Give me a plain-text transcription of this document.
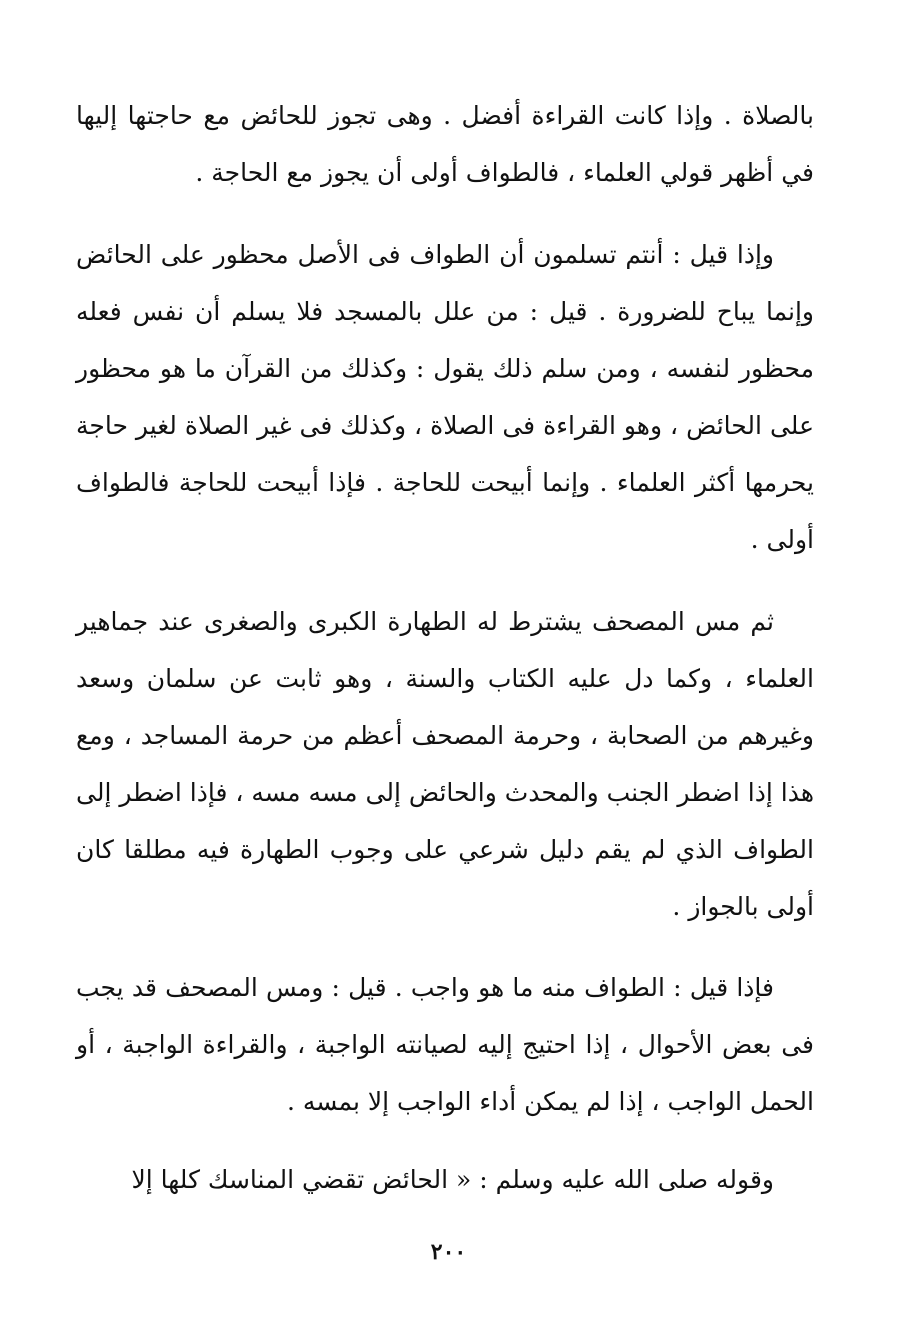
بالصلاة . وإذا كانت القراءة أفضل . وهى تجوز للحائض مع حاجتها إليها في أظهر قولي العلماء ، فالطواف أولى أن يجوز مع الحاجة .

وإذا قيل : أنتم تسلمون أن الطواف فى الأصل محظور على الحائض وإنما يباح للضرورة . قيل : من علل بالمسجد فلا يسلم أن نفس فعله محظور لنفسه ، ومن سلم ذلك يقول : وكذلك من القرآن ما هو محظور على الحائض ، وهو القراءة فى الصلاة ، وكذلك فى غير الصلاة لغير حاجة يحرمها أكثر العلماء . وإنما أبيحت للحاجة . فإذا أبيحت للحاجة فالطواف أولى .

ثم مس المصحف يشترط له الطهارة الكبرى والصغرى عند جماهير العلماء ، وكما دل عليه الكتاب والسنة ، وهو ثابت عن سلمان وسعد وغيرهم من الصحابة ، وحرمة المصحف أعظم من حرمة المساجد ، ومع هذا إذا اضطر الجنب والمحدث والحائض إلى مسه مسه ، فإذا اضطر إلى الطواف الذي لم يقم دليل شرعي على وجوب الطهارة فيه مطلقا كان أولى بالجواز .

فإذا قيل : الطواف منه ما هو واجب . قيل : ومس المصحف قد يجب فى بعض الأحوال ، إذا احتيج إليه لصيانته الواجبة ، والقراءة الواجبة ، أو الحمل الواجب ، إذا لم يمكن أداء الواجب إلا بمسه .

وقوله صلى الله عليه وسلم : « الحائض تقضي المناسك كلها إلا

٢٠٠
